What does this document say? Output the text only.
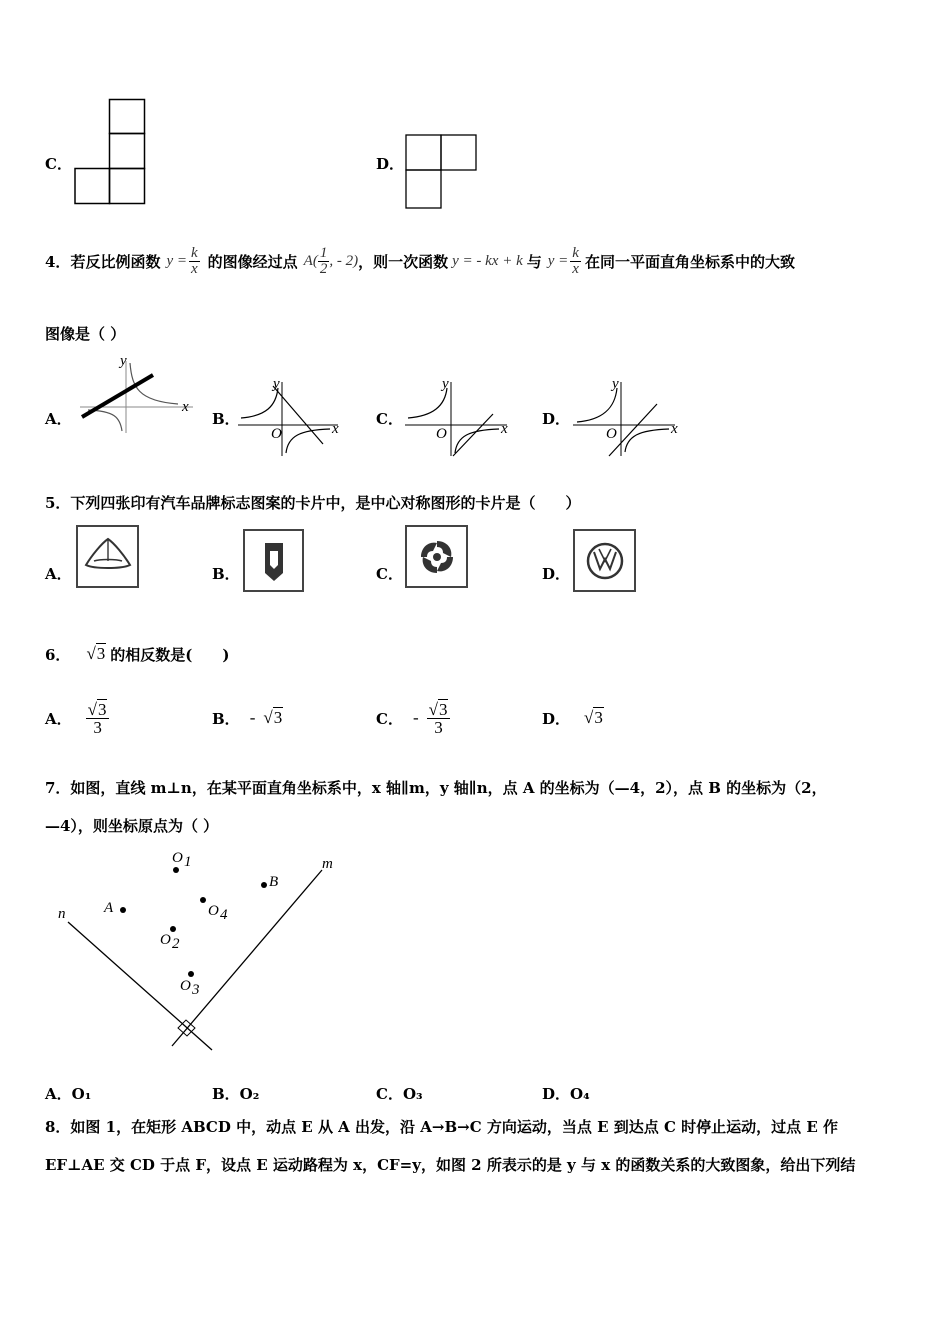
C．	D．
4． 若反比例函数 $y = \frac{k}{x}$ 的图像经过点 $A( \frac{1}{2}$ , - 2) ，则一次函数 y = - kx + k 与 $y = \frac{k}{x}$ 在同一平面直角坐标系中的大致
图像是（ ）
A．	B．	C．	D．
x
y
y
O	x
y
O	x
y
O	x
5．下列四张印有汽车品牌标志图案的卡片中，是中心对称图形的卡片是（　　）
A．	B．	C．	D．
6． √3 的相反数是(　　)
A． $\frac{√3}{3}$	B． - √3	C． - $\frac{√3}{3}$	D． √3
7．如图，直线 m⊥n，在某平面直角坐标系中，x 轴∥m，y 轴∥n，点 A 的坐标为（—4，2），点 B 的坐标为（2，
—4），则坐标原点为（ ）
m
n	A
B
O 1
O 4
O 2
O 3
A．O₁	B．O₂	C．O₃	D．O₄
8．如图 1，在矩形 ABCD 中，动点 E 从 A 出发，沿 A→B→C 方向运动，当点 E 到达点 C 时停止运动，过点 E 作
EF⊥AE 交 CD 于点 F，设点 E 运动路程为 x，CF=y，如图 2 所表示的是 y 与 x 的函数关系的大致图象，给出下列结
